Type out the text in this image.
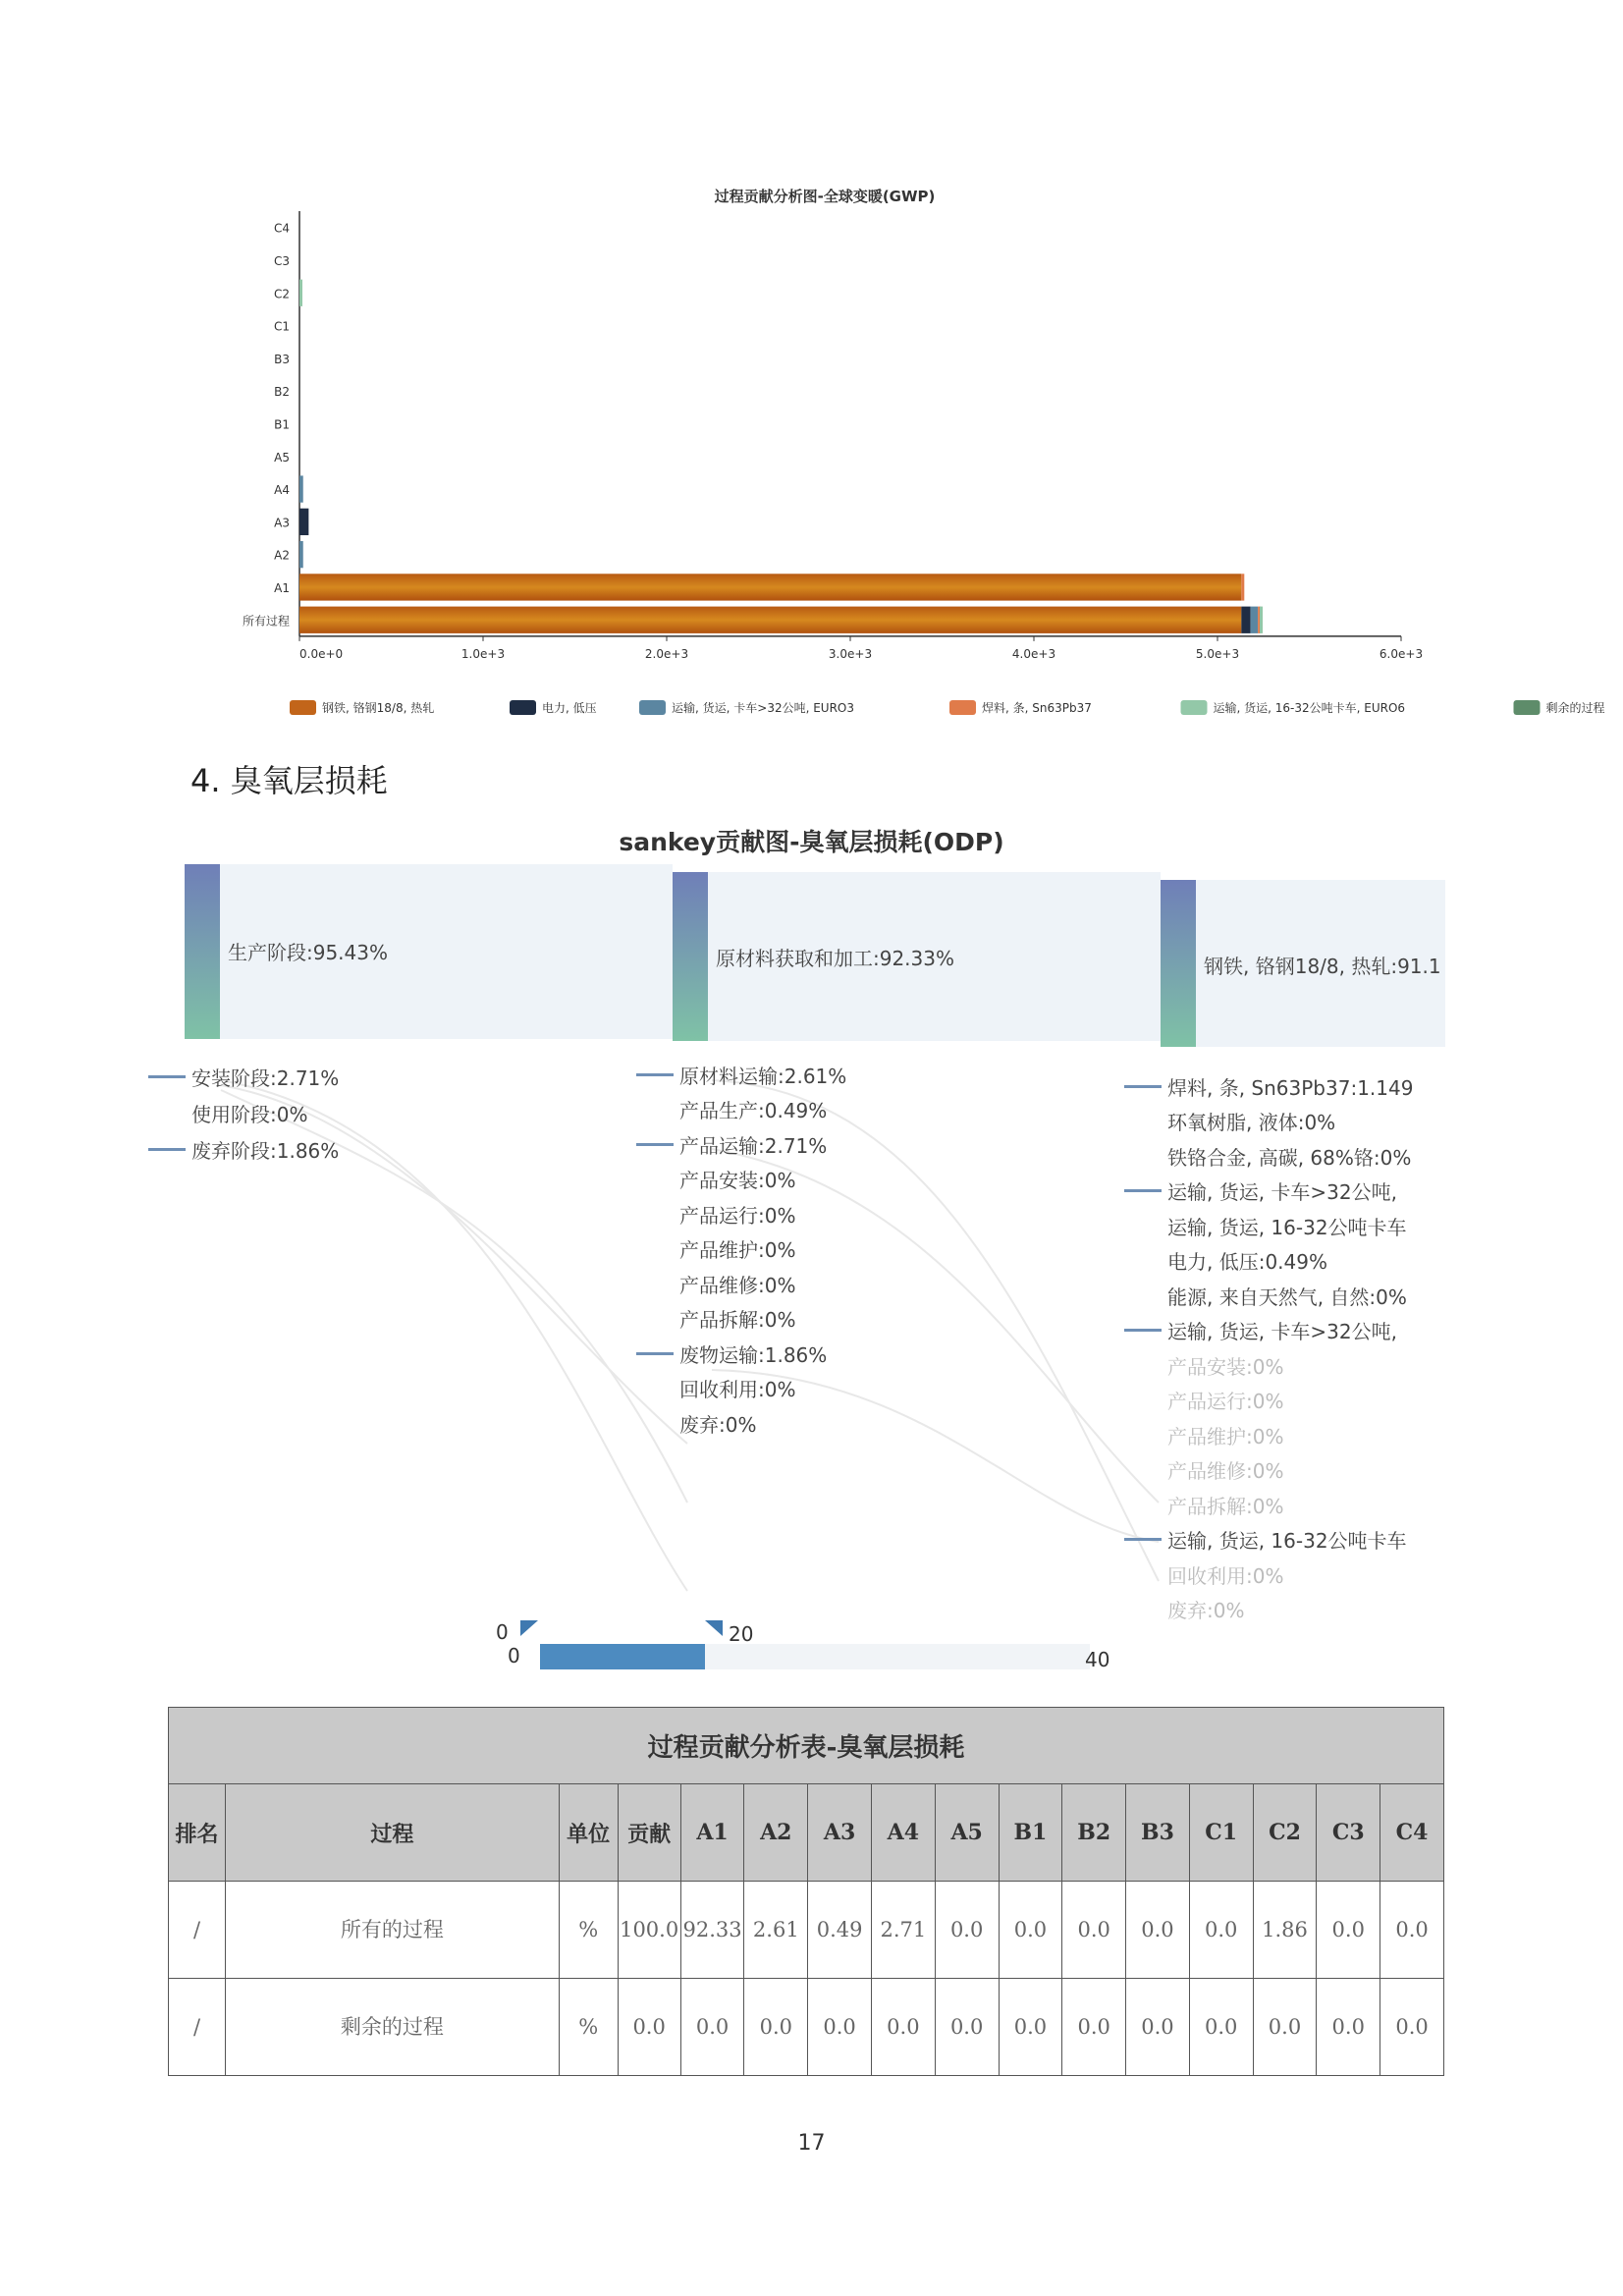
过程贡献分析图-全球变暖(GWP)
C4
C3
C2
C1
B3
B2
B1
A5
A4
A3
A2
A1
所有过程
0.0e+0	1.0e+3	2.0e+3	3.0e+3	4.0e+3	5.0e+3	6.0e+3
钢铁, 铬钢18/8, 热轧	电力, 低压	运输, 货运, 卡车>32公吨, EURO3	焊料, 条, Sn63Pb37	运输, 货运, 16-32公吨卡车, EURO6	剩余的过程
4. 臭氧层损耗
sankey贡献图-臭氧层损耗(ODP)
生产阶段:95.43%	原材料获取和加工:92.33%	钢铁, 铬钢18/8, 热轧:91.1
安装阶段:2.71%
使用阶段:0%
废弃阶段:1.86%
原材料运输:2.61%
产品生产:0.49%
产品运输:2.71%
产品安装:0%
产品运行:0%
产品维护:0%
产品维修:0%
产品拆解:0%
废物运输:1.86%
回收利用:0%
废弃:0%
焊料, 条, Sn63Pb37:1.149
环氧树脂, 液体:0%
铁铬合金, 高碳, 68%铬:0%
运输, 货运, 卡车>32公吨,
运输, 货运, 16-32公吨卡车
电力, 低压:0.49%
能源, 来自天然气, 自然:0%
运输, 货运, 卡车>32公吨,
产品安装:0%
产品运行:0%
产品维护:0%
产品维修:0%
产品拆解:0%
运输, 货运, 16-32公吨卡车
回收利用:0%
废弃:0%
0
0
20
40
过程贡献分析表-臭氧层损耗
排名	过程	单位	贡献	A1	A2	A3	A4	A5	B1	B2	B3	C1	C2	C3	C4
/	所有的过程	%	100.0	92.33	2.61	0.49	2.71	0.0	0.0	0.0	0.0	0.0	1.86	0.0	0.0
/	剩余的过程	%	0.0	0.0	0.0	0.0	0.0	0.0	0.0	0.0	0.0	0.0	0.0	0.0	0.0
17
